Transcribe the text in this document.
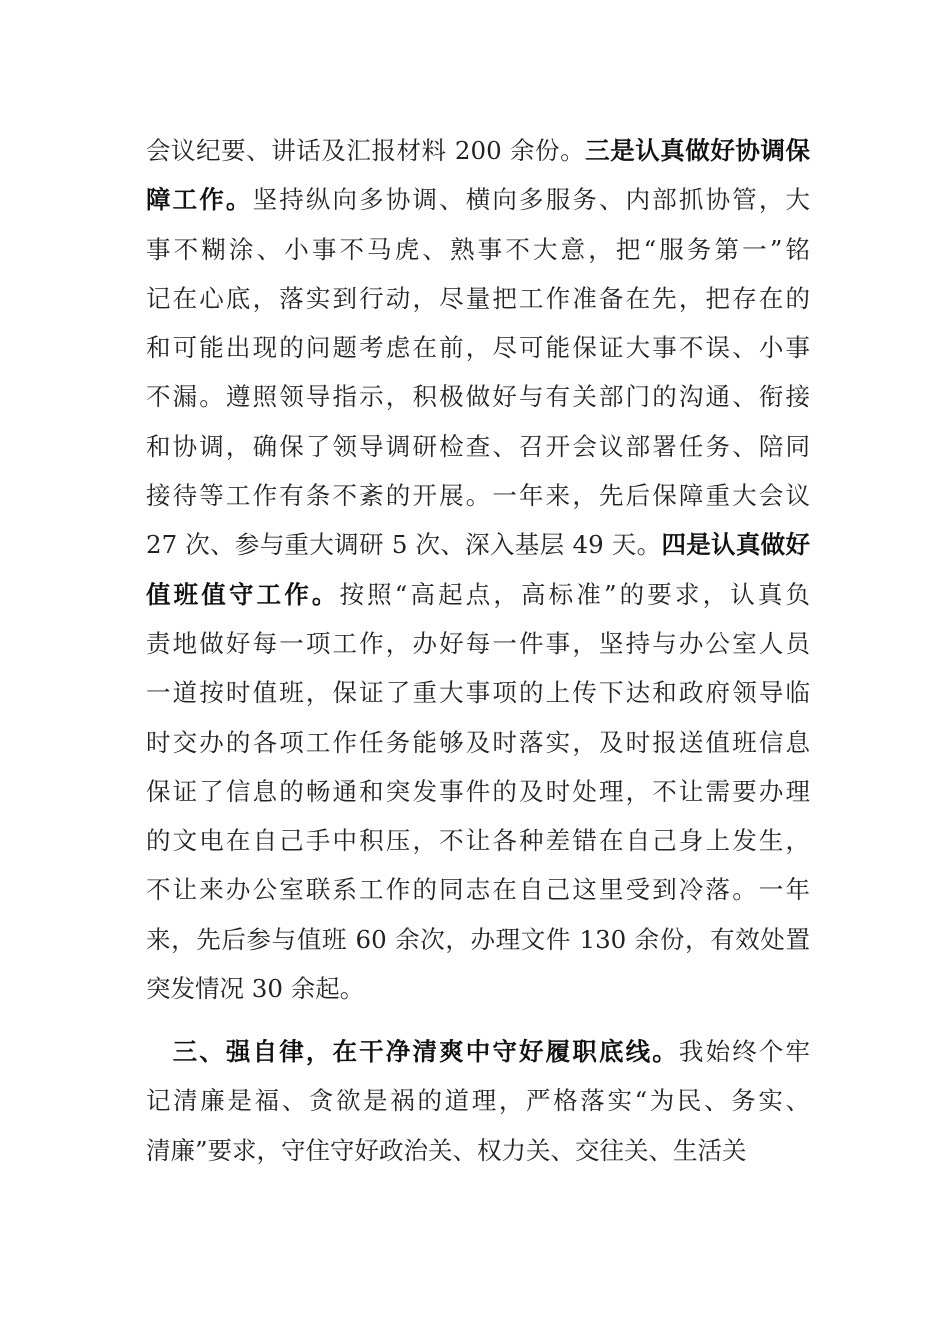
会议纪要、讲话及汇报材料 200 余份。三是认真做好协调保
障工作。坚持纵向多协调、横向多服务、内部抓协管，大
事不糊涂、小事不马虎、熟事不大意，把“服务第一”铭
记在心底，落实到行动，尽量把工作准备在先，把存在的
和可能出现的问题考虑在前，尽可能保证大事不误、小事
不漏。遵照领导指示，积极做好与有关部门的沟通、衔接
和协调，确保了领导调研检查、召开会议部署任务、陪同
接待等工作有条不紊的开展。一年来，先后保障重大会议
27 次、参与重大调研 5 次、深入基层 49 天。四是认真做好
值班值守工作。按照“高起点，高标准”的要求，认真负
责地做好每一项工作，办好每一件事，坚持与办公室人员
一道按时值班，保证了重大事项的上传下达和政府领导临
时交办的各项工作任务能够及时落实，及时报送值班信息
保证了信息的畅通和突发事件的及时处理，不让需要办理
的文电在自己手中积压，不让各种差错在自己身上发生，
不让来办公室联系工作的同志在自己这里受到冷落。一年
来，先后参与值班 60 余次，办理文件 130 余份，有效处置
突发情况 30 余起。
　三、强自律，在干净清爽中守好履职底线。我始终个牢
记清廉是福、贪欲是祸的道理，严格落实“为民、务实、
清廉”要求，守住守好政治关、权力关、交往关、生活关
